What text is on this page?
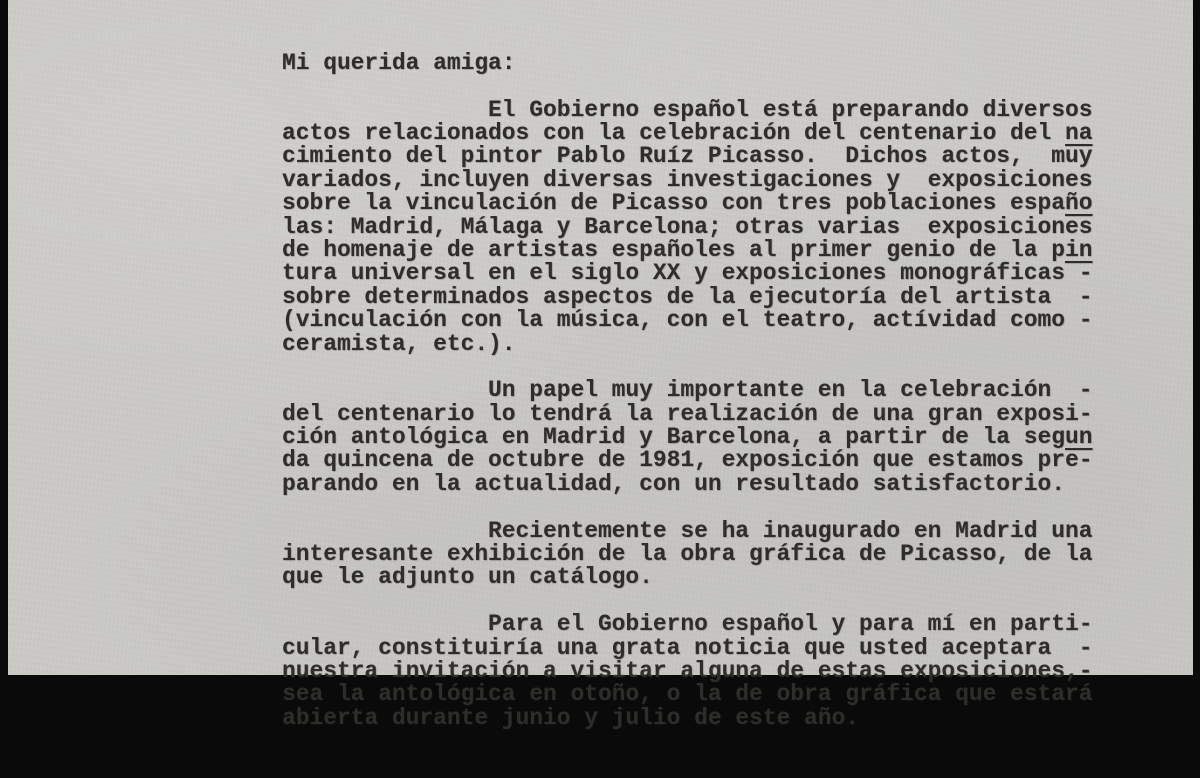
Mi querida amiga:
El Gobierno español está preparando diversos
actos relacionados con la celebración del centenario del na
cimiento del pintor Pablo Ruíz Picasso.  Dichos actos,  muy
variados, incluyen diversas investigaciones y  exposiciones
sobre la vinculación de Picasso con tres poblaciones españo
las: Madrid, Málaga y Barcelona; otras varias  exposiciones
de homenaje de artistas españoles al primer genio de la pin
tura universal en el siglo XX y exposiciones monográficas -
sobre determinados aspectos de la ejecutoría del artista  -
(vinculación con la música, con el teatro, actívidad como -
ceramista, etc.).
Un papel muy importante en la celebración  -
del centenario lo tendrá la realización de una gran exposi-
ción antológica en Madrid y Barcelona, a partir de la segun
da quincena de octubre de 1981, exposición que estamos pre-
parando en la actualidad, con un resultado satisfactorio.
Recientemente se ha inaugurado en Madrid una
interesante exhibición de la obra gráfica de Picasso, de la
que le adjunto un catálogo.
Para el Gobierno español y para mí en parti-
cular, constituiría una grata noticia que usted aceptara  -
nuestra invitación a visitar alguna de estas exposiciones,-
sea la antológica en otoño, o la de obra gráfica que estará
abierta durante junio y julio de este año.
